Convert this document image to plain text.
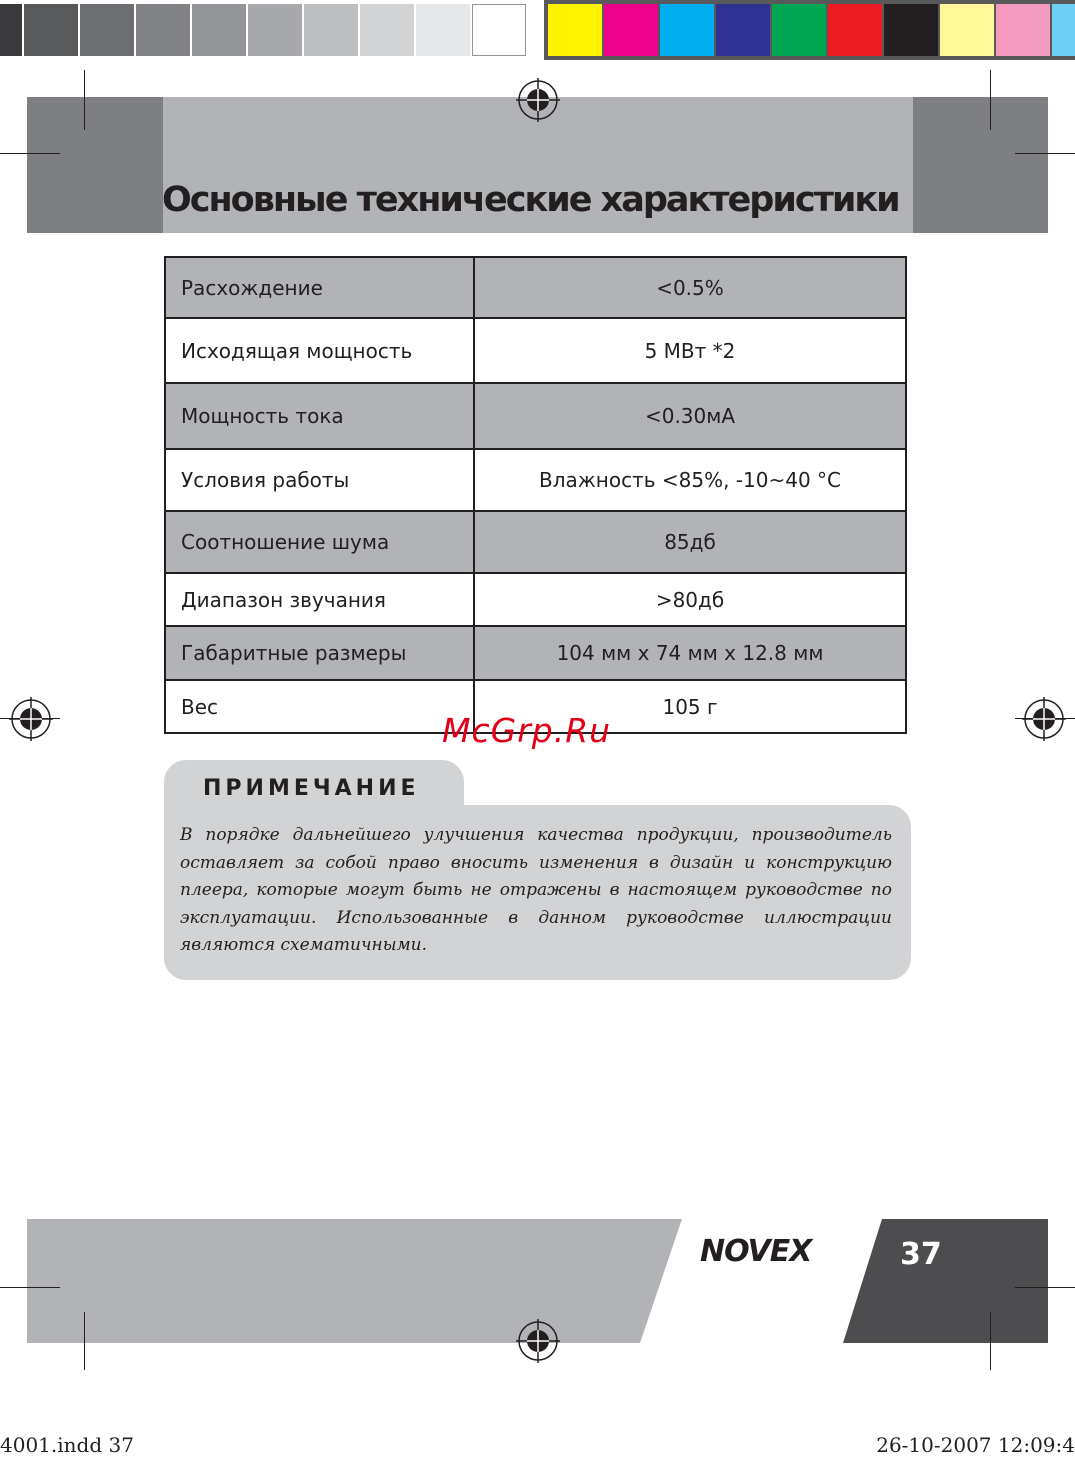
Основные технические характеристики
Расхождение	<0.5%
Исходящая мощность	5 МВт *2
Мощность тока	<0.30мА
Условия работы	Влажность <85%, -10~40 °С
Соотношение шума	85дб
Диапазон звучания	>80дб
Габаритные размеры	104 мм x 74 мм x 12.8 мм
Вес	105 г
McGrp.Ru
ПРИМЕЧАНИЕ
В порядке дальнейшего улучшения качества продукции, производитель оставляет за собой право вносить изменения в дизайн и конструкцию плеера, которые могут быть не отражены в настоящем руководстве по эксплуатации. Использованные в данном руководстве иллюстрации являются схематичными.
NOVEX	37
4001.indd 37	26-10-2007 12:09:4
